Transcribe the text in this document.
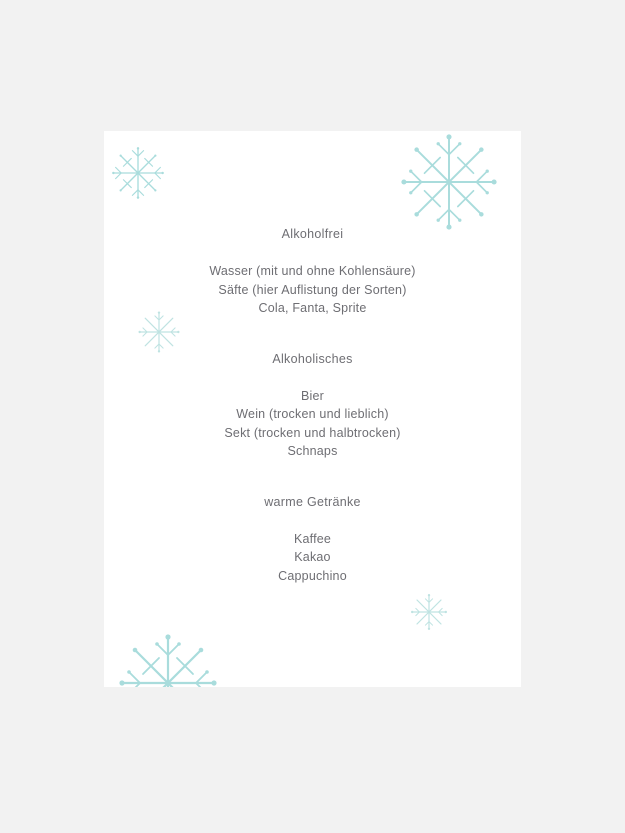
Alkoholfrei
Wasser (mit und ohne Kohlensäure)
Säfte (hier Auflistung der Sorten)
Cola, Fanta, Sprite
Alkoholisches
Bier
Wein (trocken und lieblich)
Sekt (trocken und halbtrocken)
Schnaps
warme Getränke
Kaffee
Kakao
Cappuchino
